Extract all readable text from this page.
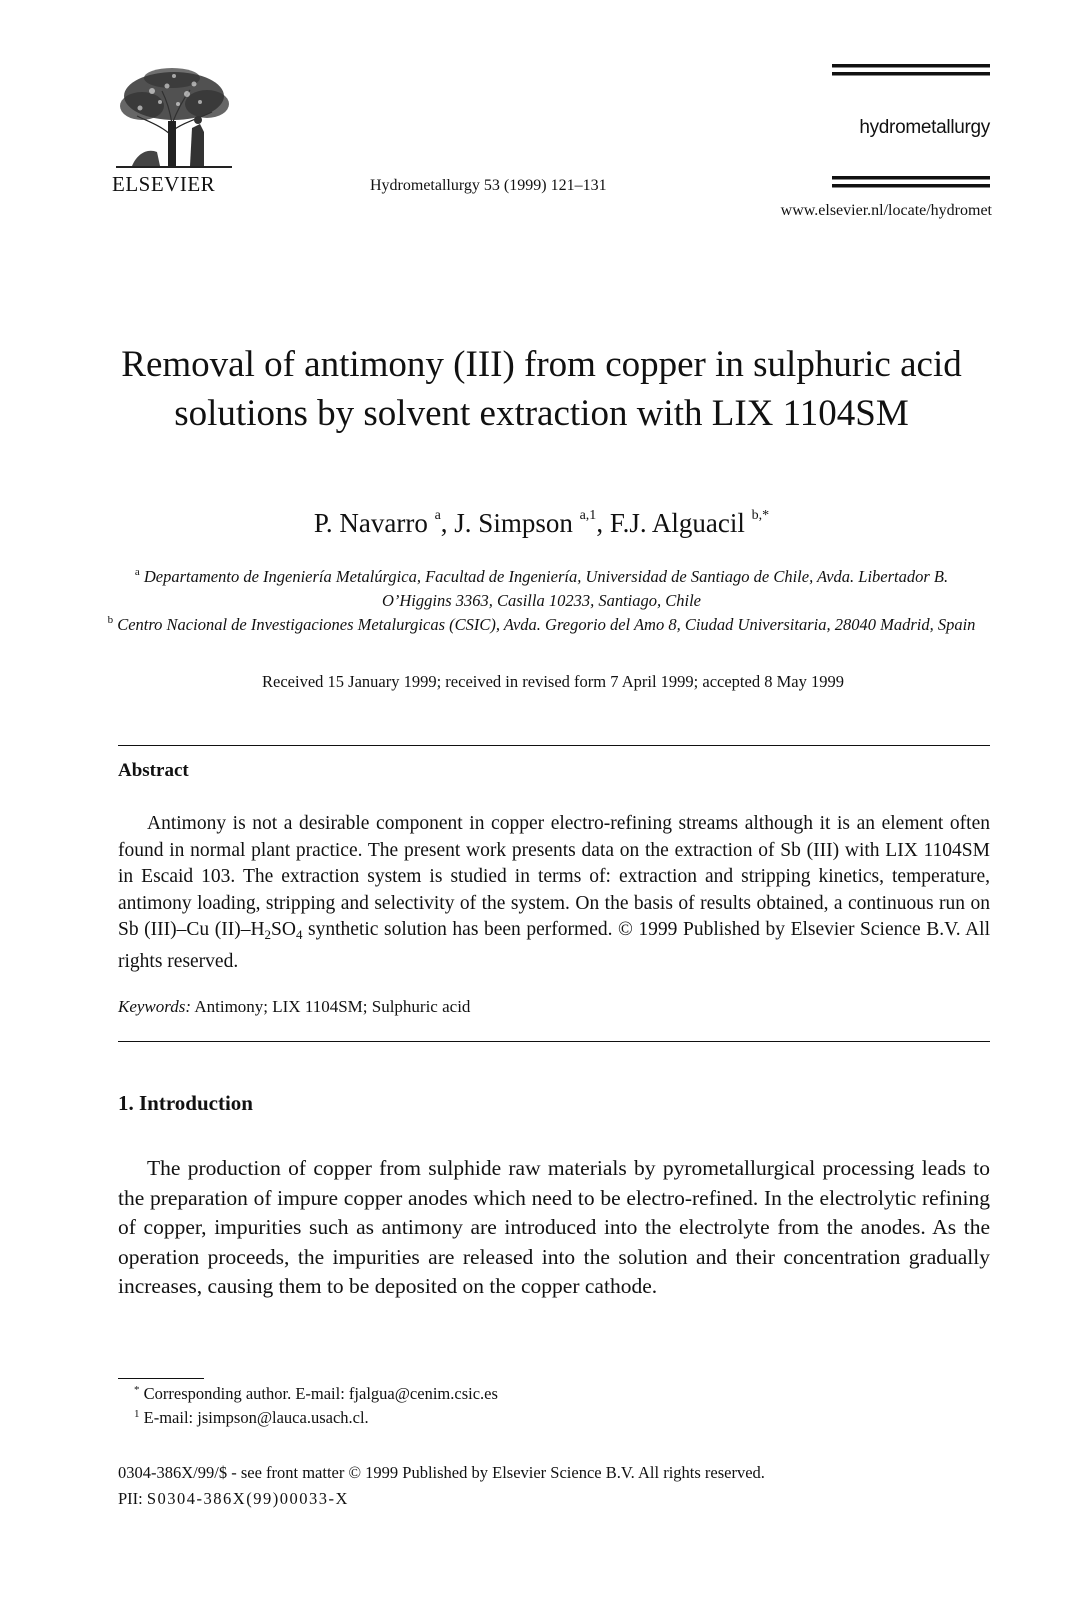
ELSEVIER	Hydrometallurgy 53 (1999) 121–131
hydrometallurgy
www.elsevier.nl/locate/hydromet
Removal of antimony (III) from copper in sulphuric acid solutions by solvent extraction with LIX 1104SM
P. Navarro $^a$, J. Simpson $^{a,1}$, F.J. Alguacil $^{b,*}$
$^a$ Departamento de Ingeniería Metalúrgica, Facultad de Ingeniería, Universidad de Santiago de Chile, Avda. Libertador B. O’Higgins 3363, Casilla 10233, Santiago, Chile
$^b$ Centro Nacional de Investigaciones Metalurgicas (CSIC), Avda. Gregorio del Amo 8, Ciudad Universitaria, 28040 Madrid, Spain
Received 15 January 1999; received in revised form 7 April 1999; accepted 8 May 1999
Abstract
Antimony is not a desirable component in copper electro-refining streams although it is an element often found in normal plant practice. The present work presents data on the extraction of Sb (III) with LIX 1104SM in Escaid 103. The extraction system is studied in terms of: extraction and stripping kinetics, temperature, antimony loading, stripping and selectivity of the system. On the basis of results obtained, a continuous run on Sb (III)–Cu $(II)-H_2SO_4$ synthetic solution has been performed. © 1999 Published by Elsevier Science B.V. All rights reserved.
Keywords: Antimony; LIX 1104SM; Sulphuric acid
1. Introduction
The production of copper from sulphide raw materials by pyrometallurgical processing leads to the preparation of impure copper anodes which need to be electro-refined. In the electrolytic refining of copper, impurities such as antimony are introduced into the electrolyte from the anodes. As the operation proceeds, the impurities are released into the solution and their concentration gradually increases, causing them to be deposited on the copper cathode.
* Corresponding author. E-mail: fjalgua@cenim.csic.es
$^1$ E-mail: jsimpson@lauca.usach.cl.
0304-386X/99/$ - see front matter © 1999 Published by Elsevier Science B.V. All rights reserved.
PII: S0304-386X(99)00033-X
